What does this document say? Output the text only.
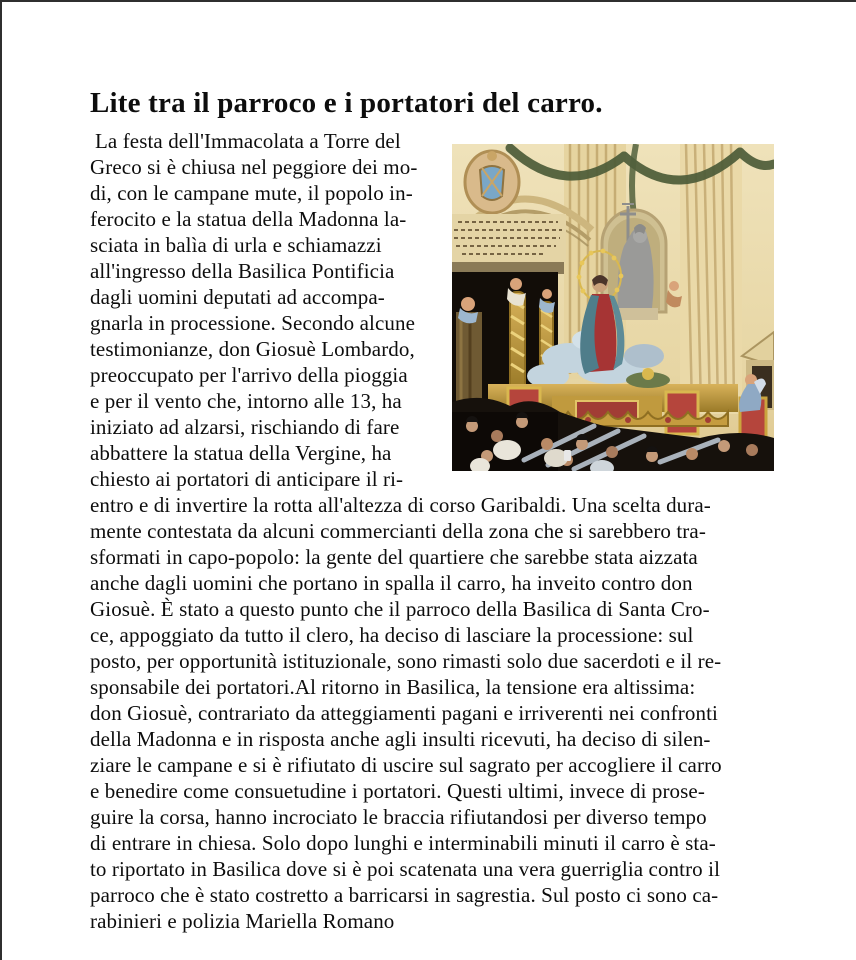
Lite tra il parroco e i portatori del carro.
La festa dell'Immacolata a Torre del
Greco si è chiusa nel peggiore dei mo-
di, con le campane mute, il popolo in-
ferocito e la statua della Madonna la-
sciata in balìa di urla e schiamazzi
all'ingresso della Basilica Pontificia
dagli uomini deputati ad accompa-
gnarla in processione. Secondo alcune
testimonianze, don Giosuè Lombardo,
preoccupato per l'arrivo della pioggia
e per il vento che, intorno alle 13, ha
iniziato ad alzarsi, rischiando di fare
abbattere la statua della Vergine, ha
chiesto ai portatori di anticipare il ri-
entro e di invertire la rotta all'altezza di corso Garibaldi. Una scelta dura-
mente contestata da alcuni commercianti della zona che si sarebbero tra-
sformati in capo-popolo: la gente del quartiere che sarebbe stata aizzata
anche dagli uomini che portano in spalla il carro, ha inveito contro don
Giosuè. È stato a questo punto che il parroco della Basilica di Santa Cro-
ce, appoggiato da tutto il clero, ha deciso di lasciare la processione: sul
posto, per opportunità istituzionale, sono rimasti solo due sacerdoti e il re-
sponsabile dei portatori.Al ritorno in Basilica, la tensione era altissima:
don Giosuè, contrariato da atteggiamenti pagani e irriverenti nei confronti
della Madonna e in risposta anche agli insulti ricevuti, ha deciso di silen-
ziare le campane e si è rifiutato di uscire sul sagrato per accogliere il carro
e benedire come consuetudine i portatori. Questi ultimi, invece di prose-
guire la corsa, hanno incrociato le braccia rifiutandosi per diverso tempo
di entrare in chiesa. Solo dopo lunghi e interminabili minuti il carro è sta-
to riportato in Basilica dove si è poi scatenata una vera guerriglia contro il
parroco che è stato costretto a barricarsi in sagrestia. Sul posto ci sono ca-
rabinieri e polizia Mariella Romano
